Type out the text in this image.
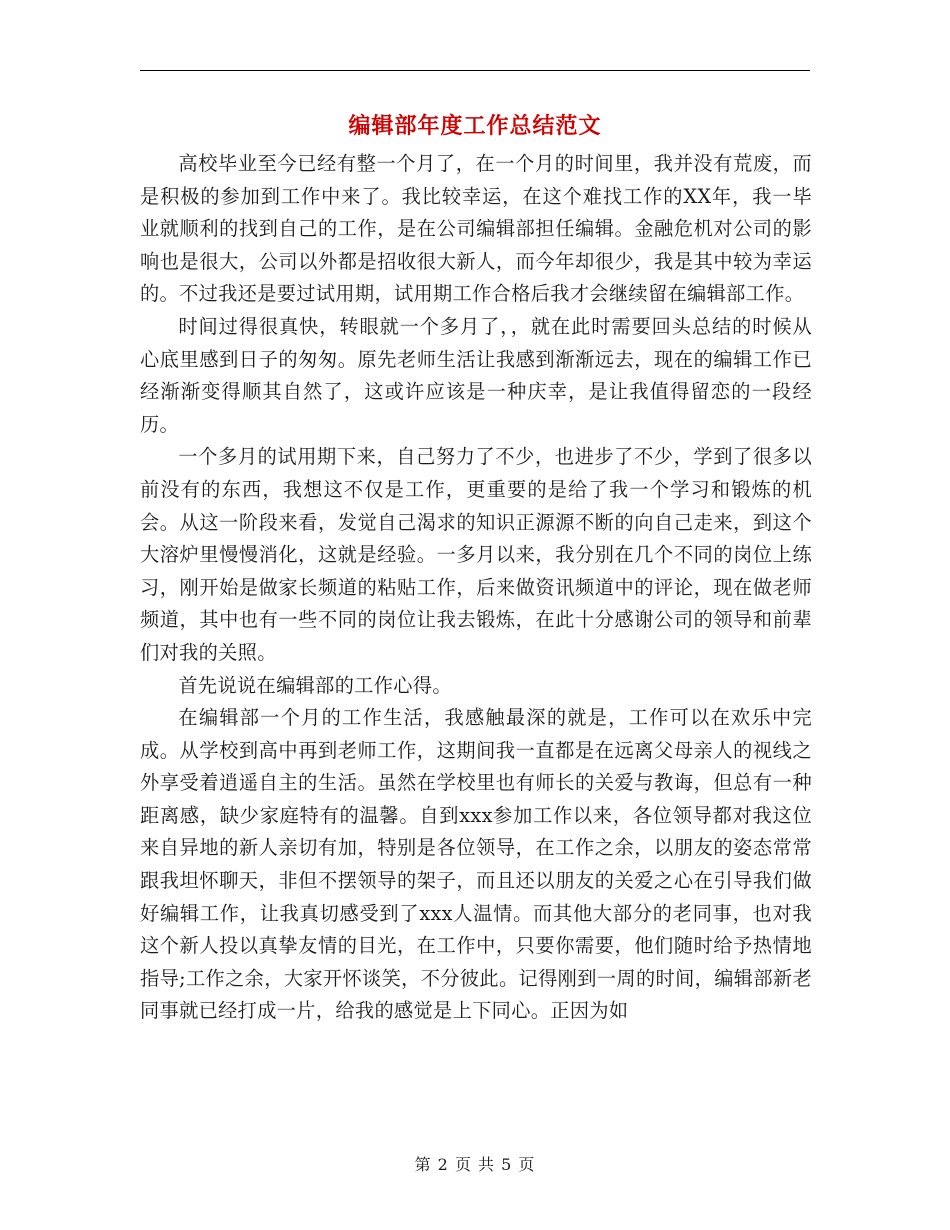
编辑部年度工作总结范文

高校毕业至今已经有整一个月了，在一个月的时间里，我并没有荒废，而是积极的参加到工作中来了。我比较幸运，在这个难找工作的XX年，我一毕业就顺利的找到自己的工作，是在公司编辑部担任编辑。金融危机对公司的影响也是很大，公司以外都是招收很大新人，而今年却很少，我是其中较为幸运的。不过我还是要过试用期，试用期工作合格后我才会继续留在编辑部工作。

时间过得很真快，转眼就一个多月了，，就在此时需要回头总结的时候从心底里感到日子的匆匆。原先老师生活让我感到渐渐远去，现在的编辑工作已经渐渐变得顺其自然了，这或许应该是一种庆幸，是让我值得留恋的一段经历。

一个多月的试用期下来，自己努力了不少，也进步了不少，学到了很多以前没有的东西，我想这不仅是工作，更重要的是给了我一个学习和锻炼的机会。从这一阶段来看，发觉自己渴求的知识正源源不断的向自己走来，到这个大溶炉里慢慢消化，这就是经验。一多月以来，我分别在几个不同的岗位上练习，刚开始是做家长频道的粘贴工作，后来做资讯频道中的评论，现在做老师频道，其中也有一些不同的岗位让我去锻炼，在此十分感谢公司的领导和前辈们对我的关照。

首先说说在编辑部的工作心得。

在编辑部一个月的工作生活，我感触最深的就是，工作可以在欢乐中完成。从学校到高中再到老师工作，这期间我一直都是在远离父母亲人的视线之外享受着逍遥自主的生活。虽然在学校里也有师长的关爱与教诲，但总有一种距离感，缺少家庭特有的温馨。自到xxx参加工作以来，各位领导都对我这位来自异地的新人亲切有加，特别是各位领导，在工作之余，以朋友的姿态常常跟我坦怀聊天，非但不摆领导的架子，而且还以朋友的关爱之心在引导我们做好编辑工作，让我真切感受到了xxx人温情。而其他大部分的老同事，也对我这个新人投以真挚友情的目光，在工作中，只要你需要，他们随时给予热情地指导;工作之余，大家开怀谈笑，不分彼此。记得刚到一周的时间，编辑部新老同事就已经打成一片，给我的感觉是上下同心。正因为如

第 2 页 共 5 页
